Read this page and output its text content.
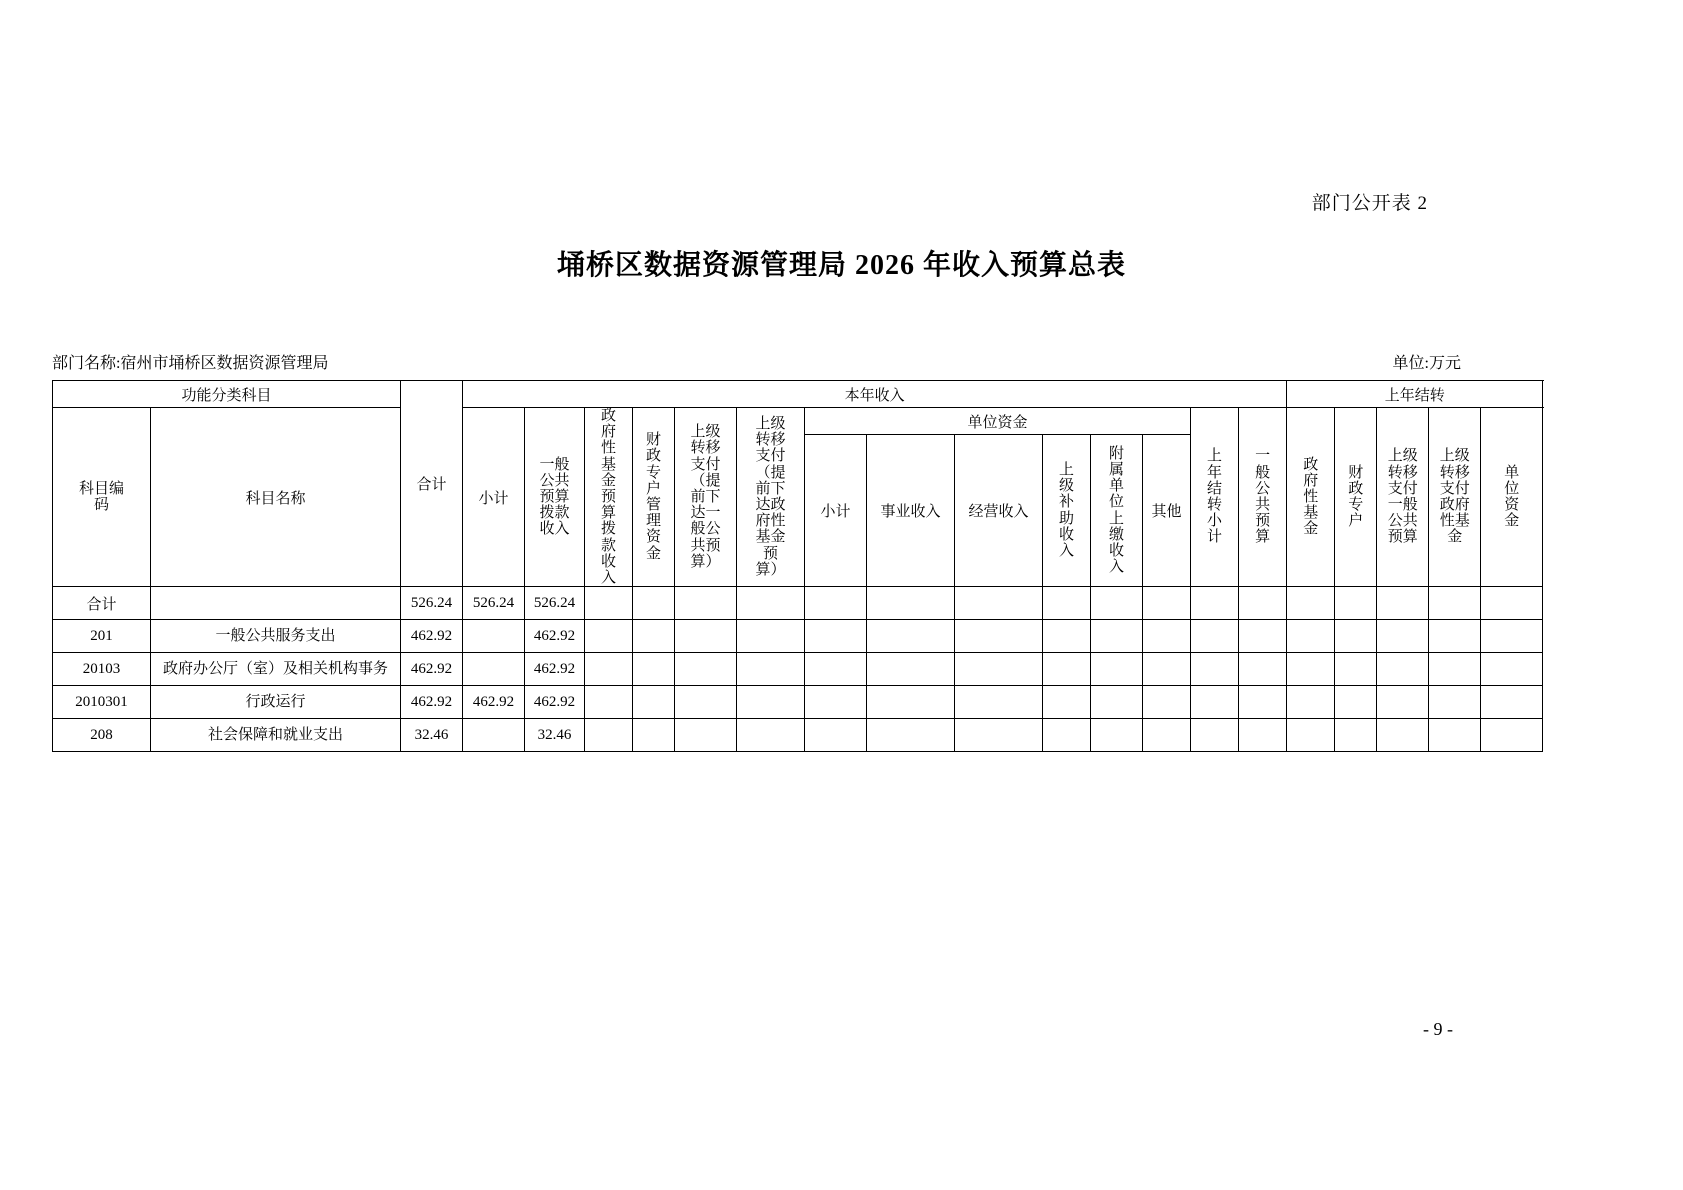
部门公开表 2
埇桥区数据资源管理局 2026 年收入预算总表
部门名称:宿州市埇桥区数据资源管理局	单位:万元
功能分类科目		合计	本年收入														上年结转				

科目编码	科目名称		小计	一般公共预算拨款收入	政府性基金预算拨款收入	财政专户管理资金	上级转移支付（提前下达一般公共预算）	上级转移支付（提前下达政府性基金预算）	单位资金						上年结转小计	一般公共预算	政府性基金	财政专户	上级转移支付一般公共预算	上级转移支付政府性基金	单位资金

									小计	事业收入	经营收入	上级补助收入	附属单位上缴收入	其他							
合计		526.24	526.24	526.24																	
201	一般公共服务支出	462.92		462.92																	
20103	政府办公厅（室）及相关机构事务	462.92		462.92																	
2010301	行政运行	462.92	462.92	462.92																	
208	社会保障和就业支出	32.46		32.46																	
- 9 -
